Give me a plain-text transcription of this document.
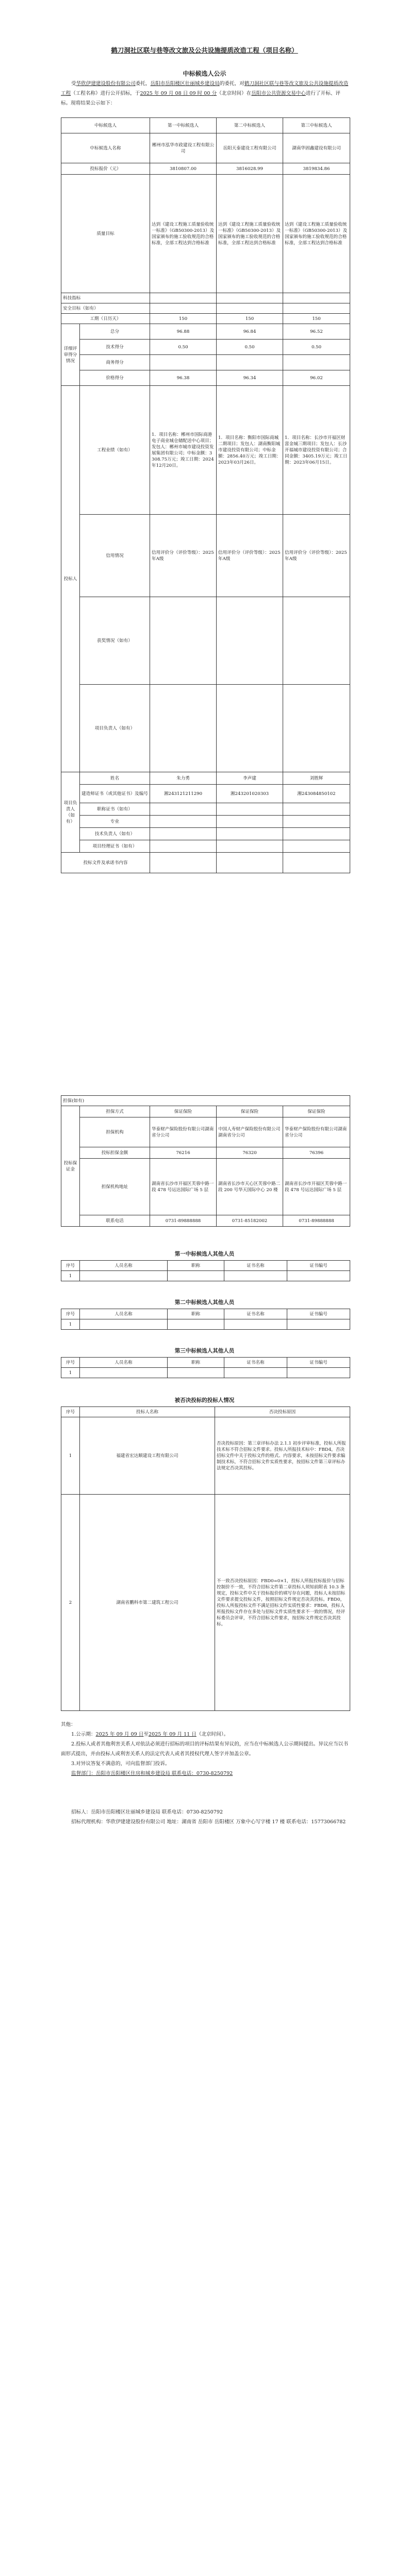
鹤刀洞社区联与巷等改文旅及公共设施提质改造工程（项目名称）
中标候选人公示

受华欣伊建建设股份有限公司委托，岳阳市岳阳楼区壮丽城乡建设局的委托，对鹤刀洞社区联与巷等改文旅及公共设施提质改造工程（工程名称）进行公开招标，于2025 年 09 月 08 日 09 时 00 分（北京时间）在岳阳市公共资源交易中心进行了开标、评标。现将结果公示如下：

中标候选人		第一中标候选人	第二中标候选人	第三中标候选人
中标候选人名称		郴州市泓华市政建设工程有限公司	岳阳天泰建设工程有限公司	湖南华固鑫建设有限公司
投标报价（元）		3810807.00	3816028.99	3819834.86
质量目标		达到《建设工程施工质量验收统一标准》（GB50300-2013）及国家颁布的施工验收规范的合格标准，全部工程达到合格标准	达到《建设工程施工质量验收统一标准》（GB50300-2013）及国家颁布的施工验收规范的合格标准，全部工程达到合格标准	达到《建设工程施工质量验收统一标准》（GB50300-2013）及国家颁布的施工验收规范的合格标准，全部工程达到合格标准
科技指标				
安全目标（如有）				
工期（日历天）		150	150	150
详细评审得分情况	总分	96.88	96.84	96.52
	技术得分	0.50	0.50	0.50
	商务得分			
	价格得分	96.38	96.34	96.02
投标人	工程业绩（如有）	1．项目名称：郴州市国际商港电子商业城仓储配送中心项目；发包人：郴州市城市建设投资发展集团有限公司；中标金额：3308.75万元；竣工日期：2024年12月20日。	1．项目名称：衡阳市国际商城二期项目；发包人：湖南衡阳城市建设投资有限公司；中标金额：2856.40万元；竣工日期：2023年03月26日。	1．项目名称：长沙市开福区财富金城三期项目；发包人：长沙开福城市建设投资有限公司；合同金额：3405.19万元；竣工日期：2023年06月15日。
	信用情况	信用评价分（评价等级）：2025年A级	信用评价分（评价等级）：2025年A级	信用评价分（评价等级）：2025年A级
	获奖情况（如有）			
	项目负责人（如有）			
项目负责人（如有）	姓名	朱力勇	李声建	刘胜辉
	建造师证书（或其他证书）及编号	湘243121211290	湘243201020303	湘243084850102
	职称证书（如有）			
	专业			
	技术负责人（如有）			
	项目经理证书（如有）			
投标文件及承诺书内容				
担保(如有)				
投标保证金	担保方式	保证保险	保证保险	保证保险
	担保机构	华泰财产保险股份有限公司湖南省分公司	中国人寿财产保险股份有限公司湖南省分公司	华泰财产保险股份有限公司湖南省分公司
	投标担保金额	76216	76320	76396
	担保机构地址	湖南省长沙市开福区芙蓉中路一段 478 号运达国际广场 5 层	湖南省长沙市天心区芙蓉中路二段 200 号华天国际中心 20 楼	湖南省长沙市开福区芙蓉中路一段 478 号运达国际广场 5 层
	联系电话	0731-89888888	0731-85182002	0731-89888888
第一中标候选人其他人员
序号	人员名称	职称	证书名称	证书编号
1				
第二中标候选人其他人员
序号	人员名称	职称	证书名称	证书编号
1				
第三中标候选人其他人员
序号	人员名称	职称	证书名称	证书编号
1				
被否决投标的投标人情况
序号	投标人名称	否决投标原因
1	福建省宏达顺建设工程有限公司	否决投标原因：第三章评标办法 2.1.1 初步评审标准，投标人所报技术标不符合招标文件要求。投标人所报技术标中：FBD4，否决招标文件中关于投标文件的格式、内容要求，未按招标文件要求编制技术标，不符合招标文件实质性要求，按招标文件第三章评标办法规定否决其投标。
2	湖南省鹏科市第二建筑工程公司	不一致否决投标原因：FBD0=0×1，投标人所报投标报价与招标控制价不一致，不符合招标文件第二章投标人须知前附表 10.3 条规定，投标文件中关于投标报价的填写存在问题，投标人未按招标文件要求提交投标文件，按照招标文件规定否决其投标。FBD0，投标人所报投标文件不满足招标文件实质性要求：FBD8，投标人所报投标文件存在多处与招标文件实质性要求不一致的情况，经评标委员会评审，不符合招标文件要求，按招标文件规定否决其投标。

其他：

1.公示期：2025 年 09 月 09 日至2025 年 09 月 11 日（北京时间）。

2.投标人或者其他利害关系人对依法必须进行招标的项目的评标结果有异议的，应当在中标候选人公示期间提出。异议应当以书面形式提出，并由投标人或利害关系人的法定代表人或者其授权代理人签字并加盖公章。

3.对异议答复不满意的，可向监督部门投诉。

监督部门：岳阳市岳阳楼区住房和城乡建设局 联系电话：0730-8250792

招标人：岳阳市岳阳楼区壮丽城乡建设局 联系电话：0730-8250792

招标代理机构：华欣伊建建设股份有限公司 地址：湖南省 岳阳市 岳阳楼区 万象中心写字楼 17 楼 联系电话：15773066782
